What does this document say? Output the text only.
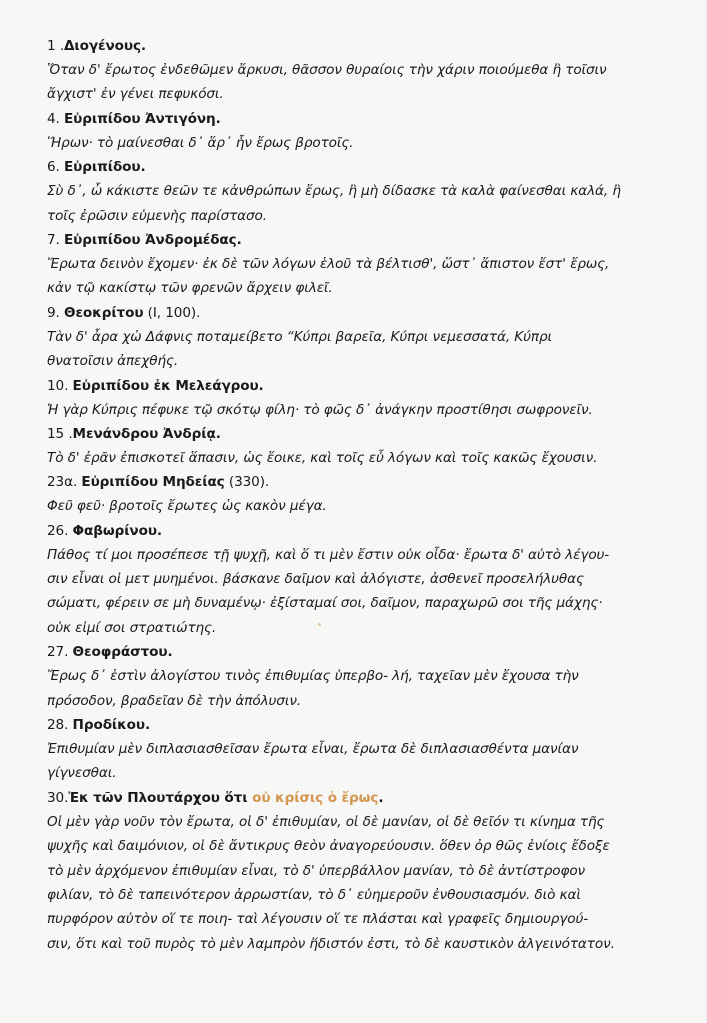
1 .Διογένους.
Ὅταν δ' ἔρωτος ἐνδεθῶμεν ἄρκυσι, θᾶσσον θυραίοις τὴν χάριν ποιούμεθα ἢ τοῖσιν
ἄγχιστ' ἐν γένει πεφυκόσι.
4. Εὐριπίδου Ἀντιγόνη.
Ἥρων· τὸ μαίνεσθαι δ᾿ ἄρ᾿ ἦν ἔρως βροτοῖς.
6. Εὐριπίδου.
Σὺ δ᾿, ὦ κάκιστε θεῶν τε κἀνθρώπων ἔρως, ἢ μὴ δίδασκε τὰ καλὰ φαίνεσθαι καλά, ἢ
τοῖς ἐρῶσιν εὐμενὴς παρίστασο.
7. Εὐριπίδου Ἀνδρομέδας.
Ἔρωτα δεινὸν ἔχομεν· ἐκ δὲ τῶν λόγων ἑλοῦ τὰ βέλτισθ', ὥστ᾿ ἄπιστον ἔστ' ἔρως,
κἀν τῷ κακίστῳ τῶν φρενῶν ἄρχειν φιλεῖ.
9. Θεοκρίτου (I, 100).
Τὰν δ' ἆρα χὠ Δάφνις ποταμείβετο “Κύπρι βαρεῖα, Κύπρι νεμεσσατά, Κύπρι
θνατοῖσιν ἀπεχθής.
10. Εὐριπίδου ἐκ Μελεάγρου.
Ἡ γὰρ Κύπρις πέφυκε τῷ σκότῳ φίλη· τὸ φῶς δ᾿ ἀνάγκην προστίθησι σωφρονεῖν.
15 .Μενάνδρου Ἀνδρίᾳ.
Τὸ δ' ἐρᾶν ἐπισκοτεῖ ἅπασιν, ὡς ἔοικε, καὶ τοῖς εὖ λόγων καὶ τοῖς κακῶς ἔχουσιν.
23α. Εὐριπίδου Μηδείας (330).
Φεῦ φεῦ· βροτοῖς ἔρωτες ὡς κακὸν μέγα.
26. Φαβωρίνου.
Πάθος τί μοι προσέπεσε τῇ ψυχῇ, καὶ ὅ τι μὲν ἔστιν οὐκ οἶδα· ἔρωτα δ' αὐτὸ λέγου-
σιν εἶναι οἱ μετ μυημένοι. βάσκανε δαῖμον καὶ ἀλόγιστε, ἀσθενεῖ προσελήλυθας
σώματι, φέρειν σε μὴ δυναμένῳ· ἐξίσταμαί σοι, δαῖμον, παραχωρῶ σοι τῆς μάχης·
οὐκ εἰμί σοι στρατιώτης.
27. Θεοφράστου.
Ἔρως δ᾿ ἐστὶν ἀλογίστου τινὸς ἐπιθυμίας ὑπερβο- λή, ταχεῖαν μὲν ἔχουσα τὴν
πρόσοδον, βραδεῖαν δὲ τὴν ἀπόλυσιν.
28. Προδίκου.
Ἐπιθυμίαν μὲν διπλασιασθεῖσαν ἔρωτα εἶναι, ἔρωτα δὲ διπλασιασθέντα μανίαν
γίγνεσθαι.
30.Ἐκ τῶν Πλουτάρχου ὅτι οὐ κρίσις ὁ ἔρως.
Οἱ μὲν γὰρ νοῦν τὸν ἔρωτα, οἱ δ' ἐπιθυμίαν, οἱ δὲ μανίαν, οἱ δὲ θεῖόν τι κίνημα τῆς
ψυχῆς καὶ δαιμόνιον, οἱ δὲ ἄντικρυς θεὸν ἀναγορεύουσιν. ὅθεν ὀρ θῶς ἐνίοις ἔδοξε
τὸ μὲν ἀρχόμενον ἐπιθυμίαν εἶναι, τὸ δ' ὑπερβάλλον μανίαν, τὸ δὲ ἀντίστροφον
φιλίαν, τὸ δὲ ταπεινότερον ἀρρωστίαν, τὸ δ᾿ εὐημεροῦν ἐνθουσιασμόν. διὸ καὶ
πυρφόρον αὐτὸν οἵ τε ποιη- ταὶ λέγουσιν οἵ τε πλάσται καὶ γραφεῖς δημιουργού-
σιν, ὅτι καὶ τοῦ πυρὸς τὸ μὲν λαμπρὸν ἥδιστόν ἐστι, τὸ δὲ καυστικὸν ἀλγεινότατον.
